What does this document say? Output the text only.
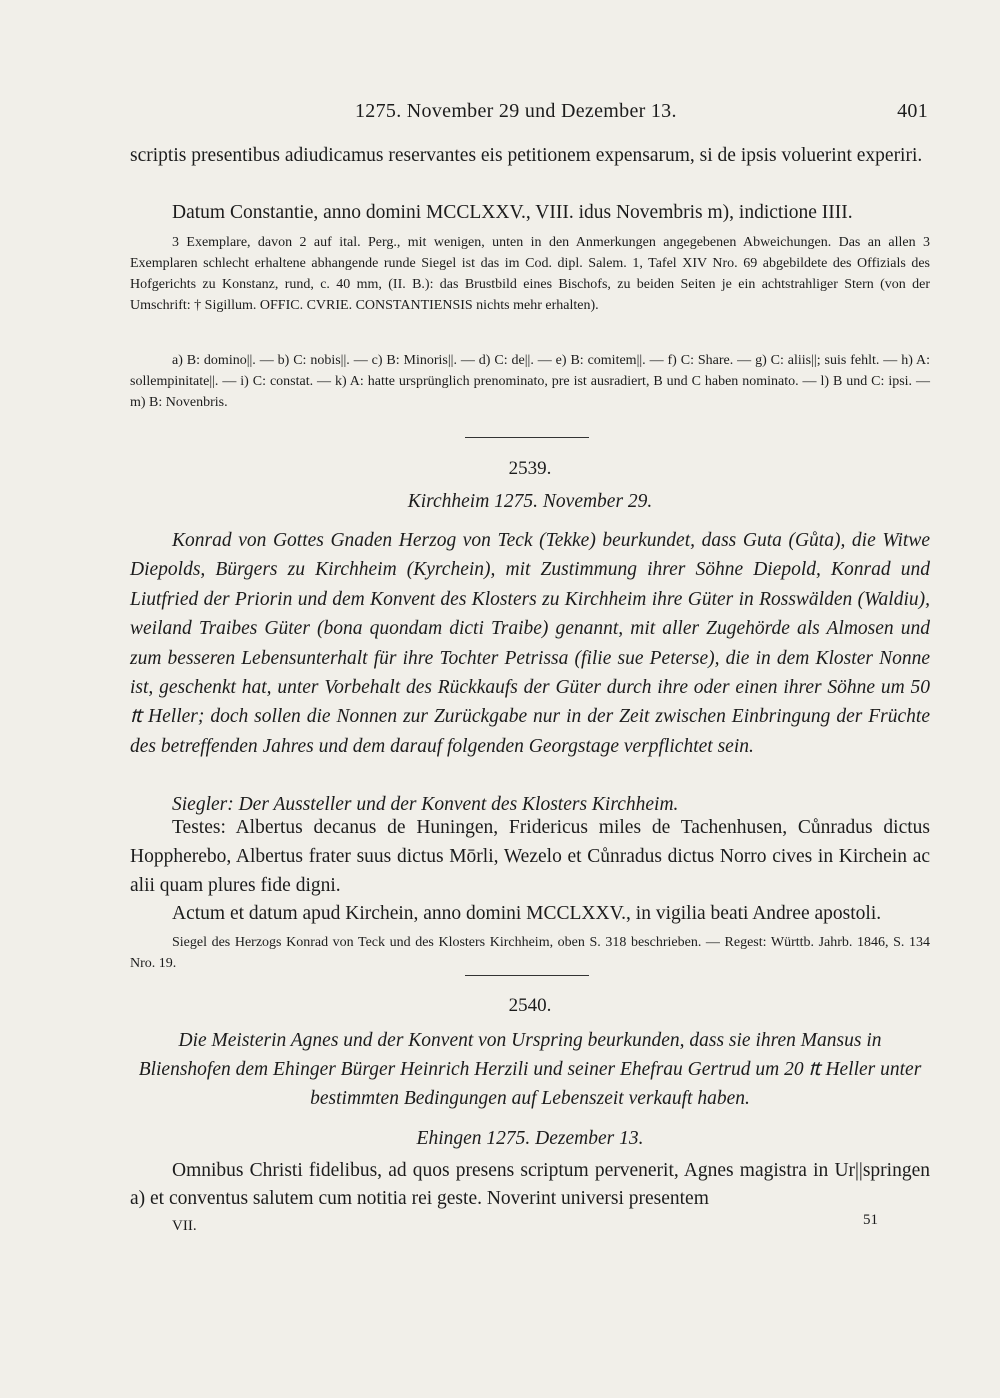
1275. November 29 und Dezember 13.	401

scriptis presentibus adiudicamus reservantes eis petitionem expensarum, si de ipsis voluerint experiri.

Datum Constantie, anno domini MCCLXXV., VIII. idus Novembris m), indictione IIII.

3 Exemplare, davon 2 auf ital. Perg., mit wenigen, unten in den Anmerkungen angegebenen Abweichungen. Das an allen 3 Exemplaren schlecht erhaltene abhangende runde Siegel ist das im Cod. dipl. Salem. 1, Tafel XIV Nro. 69 abgebildete des Offizials des Hofgerichts zu Konstanz, rund, c. 40 mm, (II. B.): das Brustbild eines Bischofs, zu beiden Seiten je ein achtstrahliger Stern (von der Umschrift: † Sigillum. OFFIC. CVRIE. CONSTANTIENSIS nichts mehr erhalten).

a) B: domino||. — b) C: nobis||. — c) B: Minoris||. — d) C: de||. — e) B: comitem||. — f) C: Share. — g) C: aliis||; suis fehlt. — h) A: sollempinitate||. — i) C: constat. — k) A: hatte ursprünglich prenominato, pre ist ausradiert, B und C haben nominato. — l) B und C: ipsi. — m) B: Novenbris.

2539.
Kirchheim 1275. November 29.

Konrad von Gottes Gnaden Herzog von Teck (Tekke) beurkundet, dass Guta (Gůta), die Witwe Diepolds, Bürgers zu Kirchheim (Kyrchein), mit Zustimmung ihrer Söhne Diepold, Konrad und Liutfried der Priorin und dem Konvent des Klosters zu Kirchheim ihre Güter in Rosswälden (Waldiu), weiland Traibes Güter (bona quondam dicti Traibe) genannt, mit aller Zugehörde als Almosen und zum besseren Lebensunterhalt für ihre Tochter Petrissa (filie sue Peterse), die in dem Kloster Nonne ist, geschenkt hat, unter Vorbehalt des Rückkaufs der Güter durch ihre oder einen ihrer Söhne um 50 ₶ Heller; doch sollen die Nonnen zur Zurückgabe nur in der Zeit zwischen Einbringung der Früchte des betreffenden Jahres und dem darauf folgenden Georgstage verpflichtet sein.

Siegler: Der Aussteller und der Konvent des Klosters Kirchheim.

Testes: Albertus decanus de Huningen, Fridericus miles de Tachenhusen, Cůnradus dictus Hoppherebo, Albertus frater suus dictus Mōrli, Wezelo et Cůnradus dictus Norro cives in Kirchein ac alii quam plures fide digni.

Actum et datum apud Kirchein, anno domini MCCLXXV., in vigilia beati Andree apostoli.

Siegel des Herzogs Konrad von Teck und des Klosters Kirchheim, oben S. 318 beschrieben. — Regest: Württb. Jahrb. 1846, S. 134 Nro. 19.

2540.

Die Meisterin Agnes und der Konvent von Urspring beurkunden, dass sie ihren Mansus in Blienshofen dem Ehinger Bürger Heinrich Herzili und seiner Ehefrau Gertrud um 20 ₶ Heller unter bestimmten Bedingungen auf Lebenszeit verkauft haben.

Ehingen 1275. Dezember 13.

Omnibus Christi fidelibus, ad quos presens scriptum pervenerit, Agnes magistra in Ur||springen a) et conventus salutem cum notitia rei geste. Noverint universi presentem

VII.	51
